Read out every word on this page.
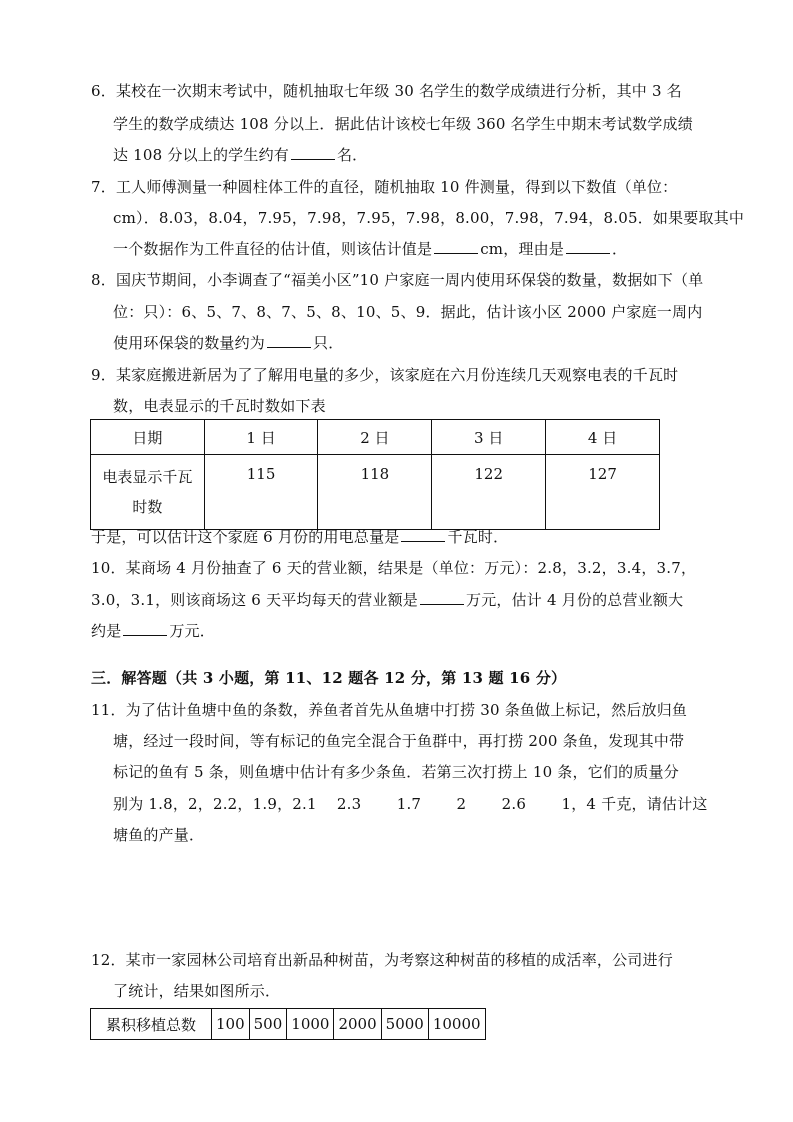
6．某校在一次期末考试中，随机抽取七年级 30 名学生的数学成绩进行分析，其中 3 名
学生的数学成绩达 108 分以上．据此估计该校七年级 360 名学生中期末考试数学成绩
达 108 分以上的学生约有	名．
7．工人师傅测量一种圆柱体工件的直径，随机抽取 10 件测量，得到以下数值（单位：
cm）．8.03，8.04，7.95，7.98，7.95，7.98，8.00，7.98，7.94，8.05．如果要取其中
一个数据作为工件直径的估计值，则该估计值是	cm，理由是	．
8．国庆节期间，小李调查了“福美小区”10 户家庭一周内使用环保袋的数量，数据如下（单
位：只）：6、5、7、8、7、5、8、10、5、9．据此，估计该小区 2000 户家庭一周内
使用环保袋的数量约为	只．
9．某家庭搬进新居为了了解用电量的多少，该家庭在六月份连续几天观察电表的千瓦时
数，电表显示的千瓦时数如下表
日期	1 日	2 日	3 日	4 日

电表显示千瓦
时数	115	118	122	127
于是，可以估计这个家庭 6 月份的用电总量是	千瓦时．
10．某商场 4 月份抽查了 6 天的营业额，结果是（单位：万元）：2.8，3.2，3.4，3.7，
3.0，3.1，则该商场这 6 天平均每天的营业额是	万元，估计 4 月份的总营业额大
约是	万元．
三．解答题（共 3 小题，第 11、12 题各 12 分，第 13 题 16 分）
11．为了估计鱼塘中鱼的条数，养鱼者首先从鱼塘中打捞 30 条鱼做上标记，然后放归鱼
塘，经过一段时间，等有标记的鱼完全混合于鱼群中，再打捞 200 条鱼，发现其中带
标记的鱼有 5 条，则鱼塘中估计有多少条鱼．若第三次打捞上 10 条，它们的质量分
别为 1.8，2，2.2，1.9，2.1　 2.3　 　1.7　 　2　 　2.6　 　1，4 千克，请估计这
塘鱼的产量．
12．某市一家园林公司培育出新品种树苗，为考察这种树苗的移植的成活率，公司进行
了统计，结果如图所示．
累积移植总数	100	500	1000	2000	5000	10000
